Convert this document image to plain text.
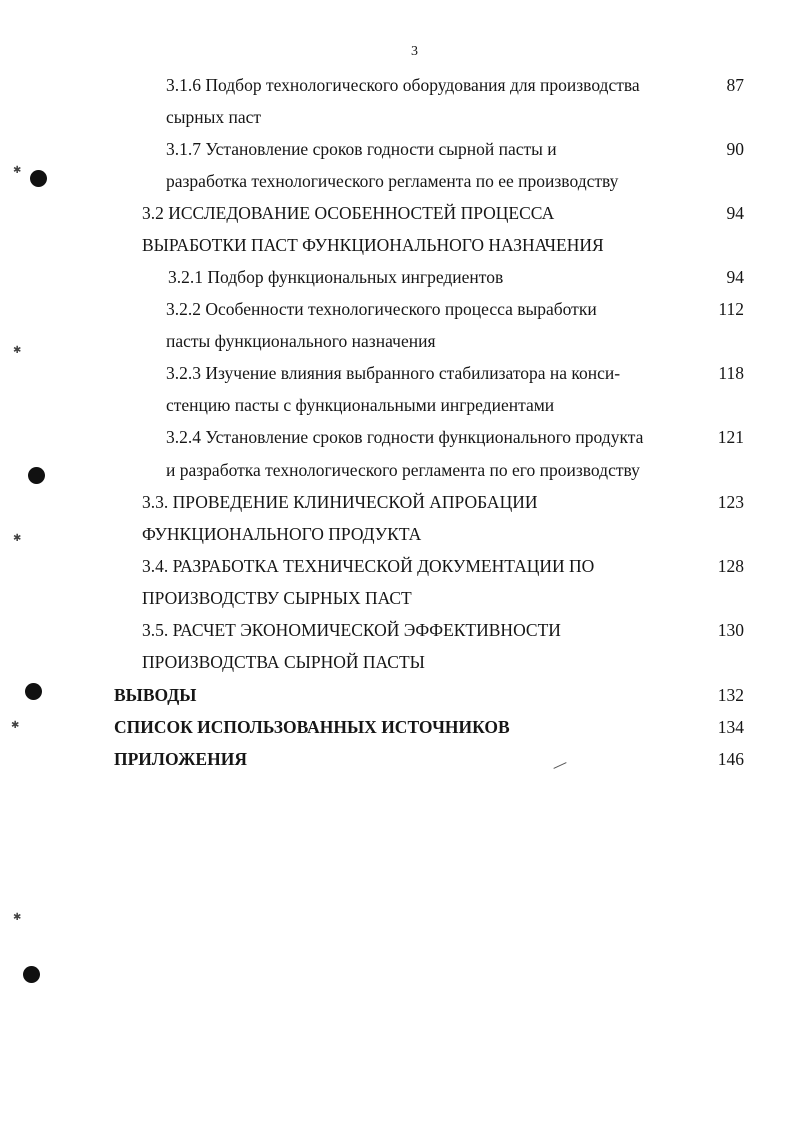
3
3.1.6 Подбор технологического оборудования для производства	87
сырных паст
3.1.7 Установление сроков годности сырной пасты и	90
разработка технологического регламента по ее производству
3.2 ИССЛЕДОВАНИЕ ОСОБЕННОСТЕЙ ПРОЦЕССА	94
ВЫРАБОТКИ ПАСТ ФУНКЦИОНАЛЬНОГО НАЗНАЧЕНИЯ
3.2.1 Подбор функциональных ингредиентов	94
3.2.2 Особенности технологического процесса выработки	112
пасты функционального назначения
3.2.3 Изучение влияния выбранного стабилизатора на конси-	118
стенцию пасты с функциональными ингредиентами
3.2.4 Установление сроков годности функционального продукта	121
и разработка технологического регламента по его производству
3.3. ПРОВЕДЕНИЕ КЛИНИЧЕСКОЙ АПРОБАЦИИ	123
ФУНКЦИОНАЛЬНОГО ПРОДУКТА
3.4. РАЗРАБОТКА ТЕХНИЧЕСКОЙ ДОКУМЕНТАЦИИ ПО	128
ПРОИЗВОДСТВУ СЫРНЫХ ПАСТ
3.5. РАСЧЕТ ЭКОНОМИЧЕСКОЙ ЭФФЕКТИВНОСТИ	130
ПРОИЗВОДСТВА СЫРНОЙ ПАСТЫ
ВЫВОДЫ	132
СПИСОК ИСПОЛЬЗОВАННЫХ ИСТОЧНИКОВ	134
ПРИЛОЖЕНИЯ	146
✱
✱
✱
✱
✱
